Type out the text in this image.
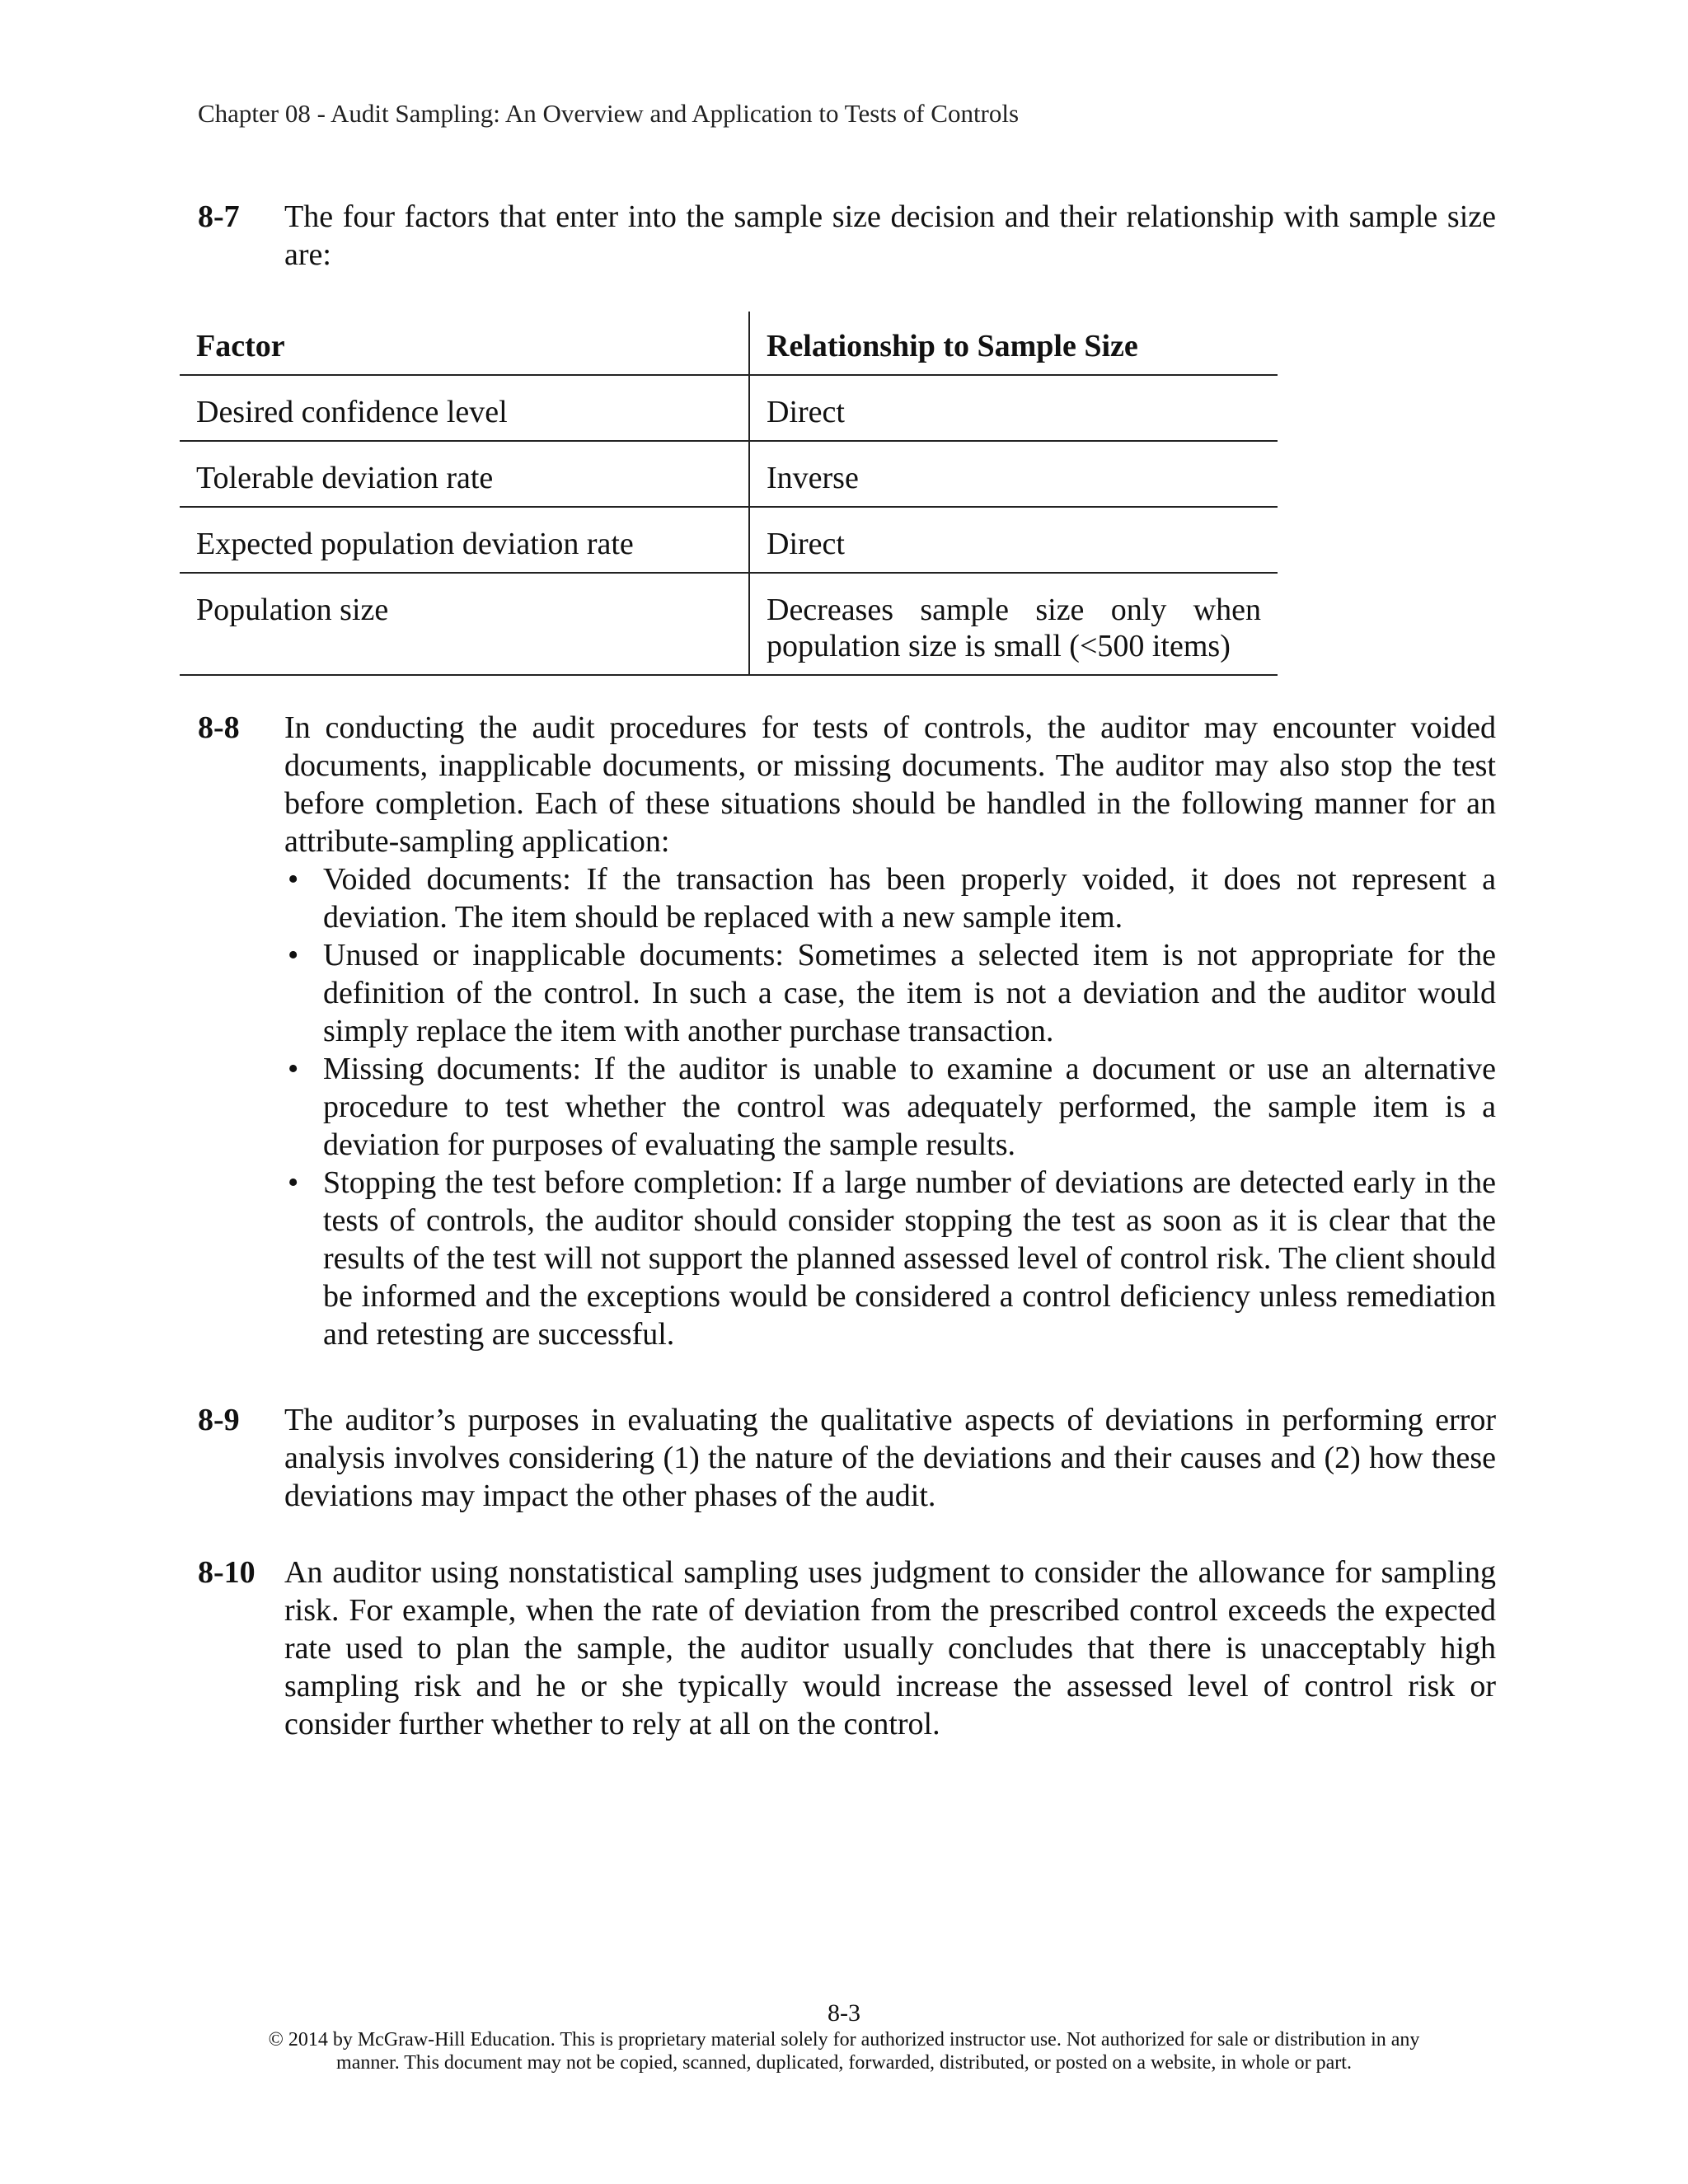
Chapter 08 - Audit Sampling: An Overview and Application to Tests of Controls
8-7 The four factors that enter into the sample size decision and their relationship with sample size are:
Factor	Relationship to Sample Size
Desired confidence level	Direct
Tolerable deviation rate	Inverse
Expected population deviation rate	Direct
Population size	Decreases sample size only when population size is small (<500 items)
8-8 In conducting the audit procedures for tests of controls, the auditor may encounter voided documents, inapplicable documents, or missing documents. The auditor may also stop the test before completion. Each of these situations should be handled in the following manner for an attribute-sampling application:
• Voided documents: If the transaction has been properly voided, it does not represent a deviation. The item should be replaced with a new sample item.
• Unused or inapplicable documents: Sometimes a selected item is not appropriate for the definition of the control. In such a case, the item is not a deviation and the auditor would simply replace the item with another purchase transaction.
• Missing documents: If the auditor is unable to examine a document or use an alternative procedure to test whether the control was adequately performed, the sample item is a deviation for purposes of evaluating the sample results.
• Stopping the test before completion: If a large number of deviations are detected early in the tests of controls, the auditor should consider stopping the test as soon as it is clear that the results of the test will not support the planned assessed level of control risk. The client should be informed and the exceptions would be considered a control deficiency unless remediation and retesting are successful.
8-9 The auditor’s purposes in evaluating the qualitative aspects of deviations in performing error analysis involves considering (1) the nature of the deviations and their causes and (2) how these deviations may impact the other phases of the audit.
8-10 An auditor using nonstatistical sampling uses judgment to consider the allowance for sampling risk. For example, when the rate of deviation from the prescribed control exceeds the expected rate used to plan the sample, the auditor usually concludes that there is unacceptably high sampling risk and he or she typically would increase the assessed level of control risk or consider further whether to rely at all on the control.
8-3
© 2014 by McGraw-Hill Education. This is proprietary material solely for authorized instructor use. Not authorized for sale or distribution in any
manner. This document may not be copied, scanned, duplicated, forwarded, distributed, or posted on a website, in whole or part.
